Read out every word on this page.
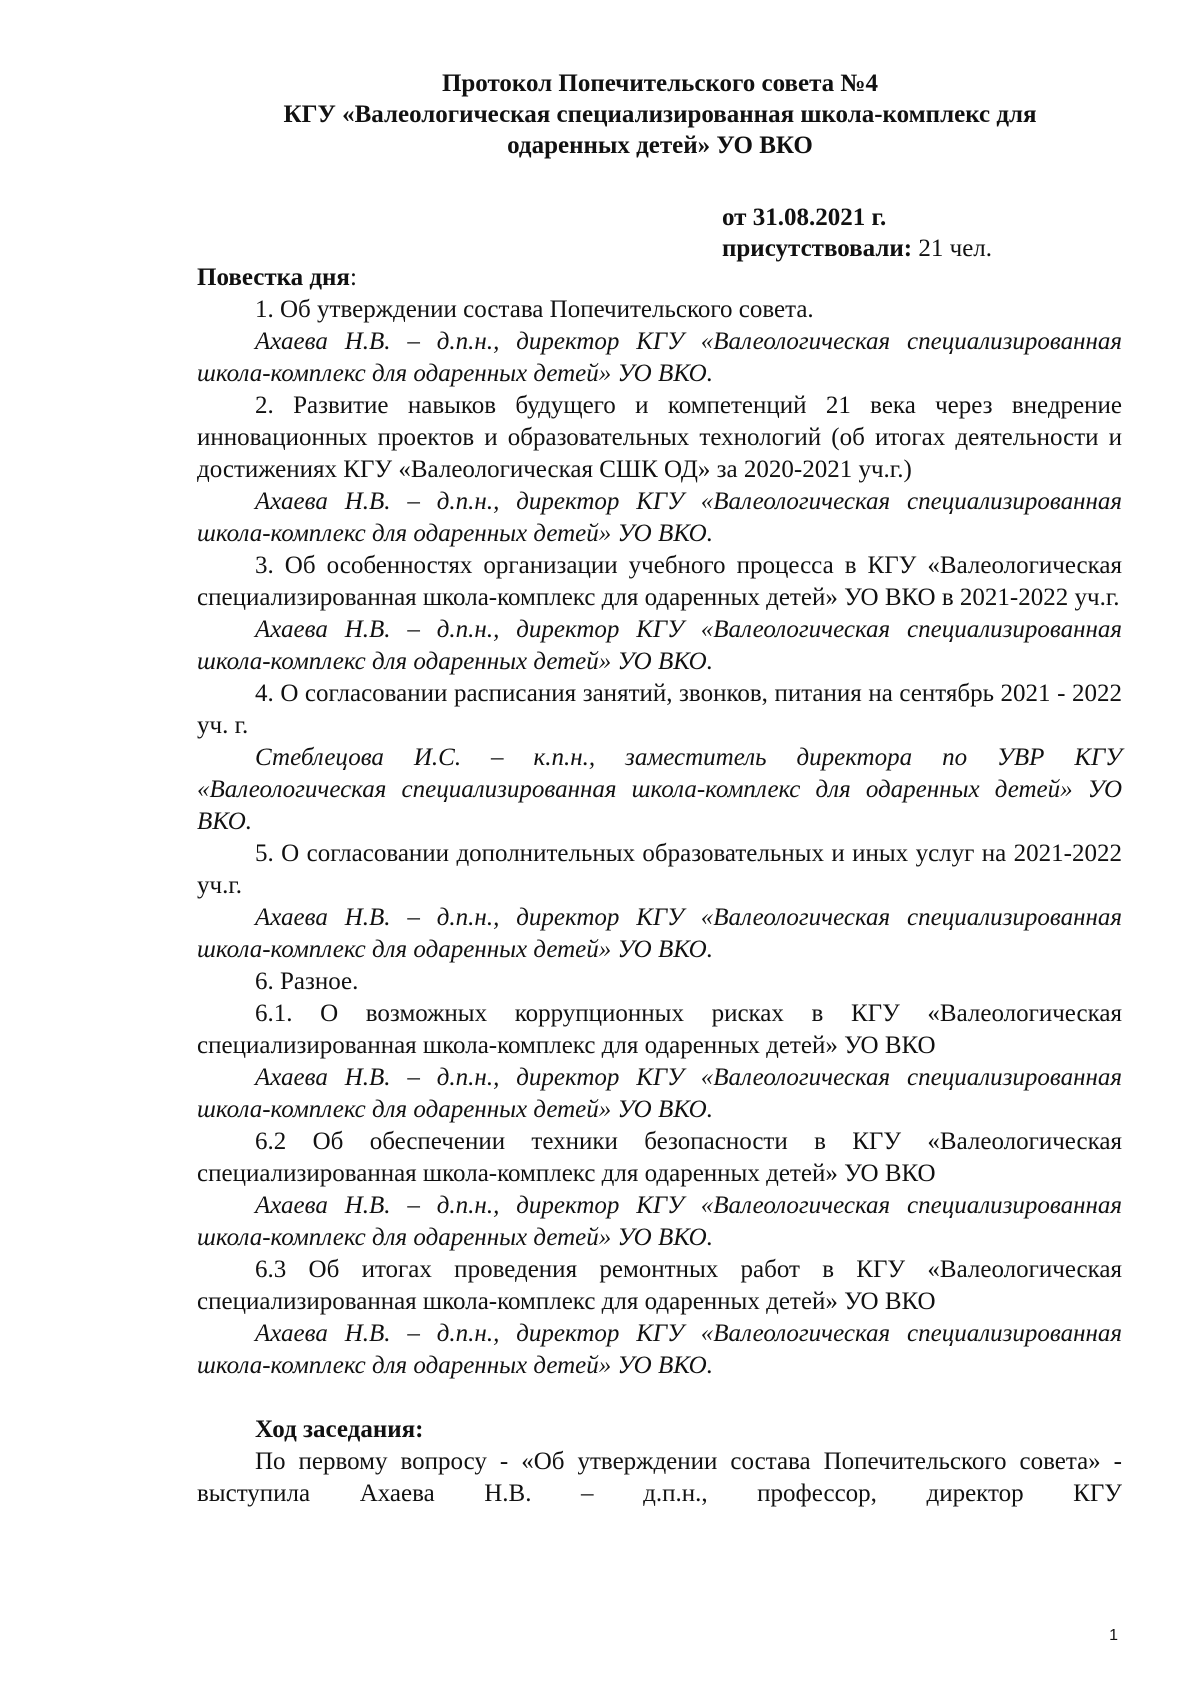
Протокол Попечительского совета №4
КГУ «Валеологическая специализированная школа-комплекс для
одаренных детей» УО ВКО
от 31.08.2021 г.
присутствовали: 21 чел.

Повестка дня:

1. Об утверждении состава Попечительского совета.

Ахаева Н.В. – д.п.н., директор КГУ «Валеологическая специализированная школа-комплекс для одаренных детей» УО ВКО.

2. Развитие навыков будущего и компетенций 21 века через внедрение инновационных проектов и образовательных технологий (об итогах деятельности и достижениях КГУ «Валеологическая СШК ОД» за 2020-2021 уч.г.)

Ахаева Н.В. – д.п.н., директор КГУ «Валеологическая специализированная школа-комплекс для одаренных детей» УО ВКО.

3. Об особенностях организации учебного процесса в КГУ «Валеологическая специализированная школа-комплекс для одаренных детей» УО ВКО в 2021-2022 уч.г.

Ахаева Н.В. – д.п.н., директор КГУ «Валеологическая специализированная школа-комплекс для одаренных детей» УО ВКО.

4. О согласовании расписания занятий, звонков, питания на сентябрь 2021 - 2022 уч. г.

Стеблецова И.С. – к.п.н., заместитель директора по УВР КГУ «Валеологическая специализированная школа-комплекс для одаренных детей» УО ВКО.

5. О согласовании дополнительных образовательных и иных услуг на 2021-2022 уч.г.

Ахаева Н.В. – д.п.н., директор КГУ «Валеологическая специализированная школа-комплекс для одаренных детей» УО ВКО.

6. Разное.

6.1. О возможных коррупционных рисках в КГУ «Валеологическая специализированная школа-комплекс для одаренных детей» УО ВКО

Ахаева Н.В. – д.п.н., директор КГУ «Валеологическая специализированная школа-комплекс для одаренных детей» УО ВКО.

6.2 Об обеспечении техники безопасности в КГУ «Валеологическая специализированная школа-комплекс для одаренных детей» УО ВКО

Ахаева Н.В. – д.п.н., директор КГУ «Валеологическая специализированная школа-комплекс для одаренных детей» УО ВКО.

6.3 Об итогах проведения ремонтных работ в КГУ «Валеологическая специализированная школа-комплекс для одаренных детей» УО ВКО

Ахаева Н.В. – д.п.н., директор КГУ «Валеологическая специализированная школа-комплекс для одаренных детей» УО ВКО.

Ход заседания:

По первому вопросу - «Об утверждении состава Попечительского совета» - выступила Ахаева Н.В. – д.п.н., профессор, директор КГУ

1
